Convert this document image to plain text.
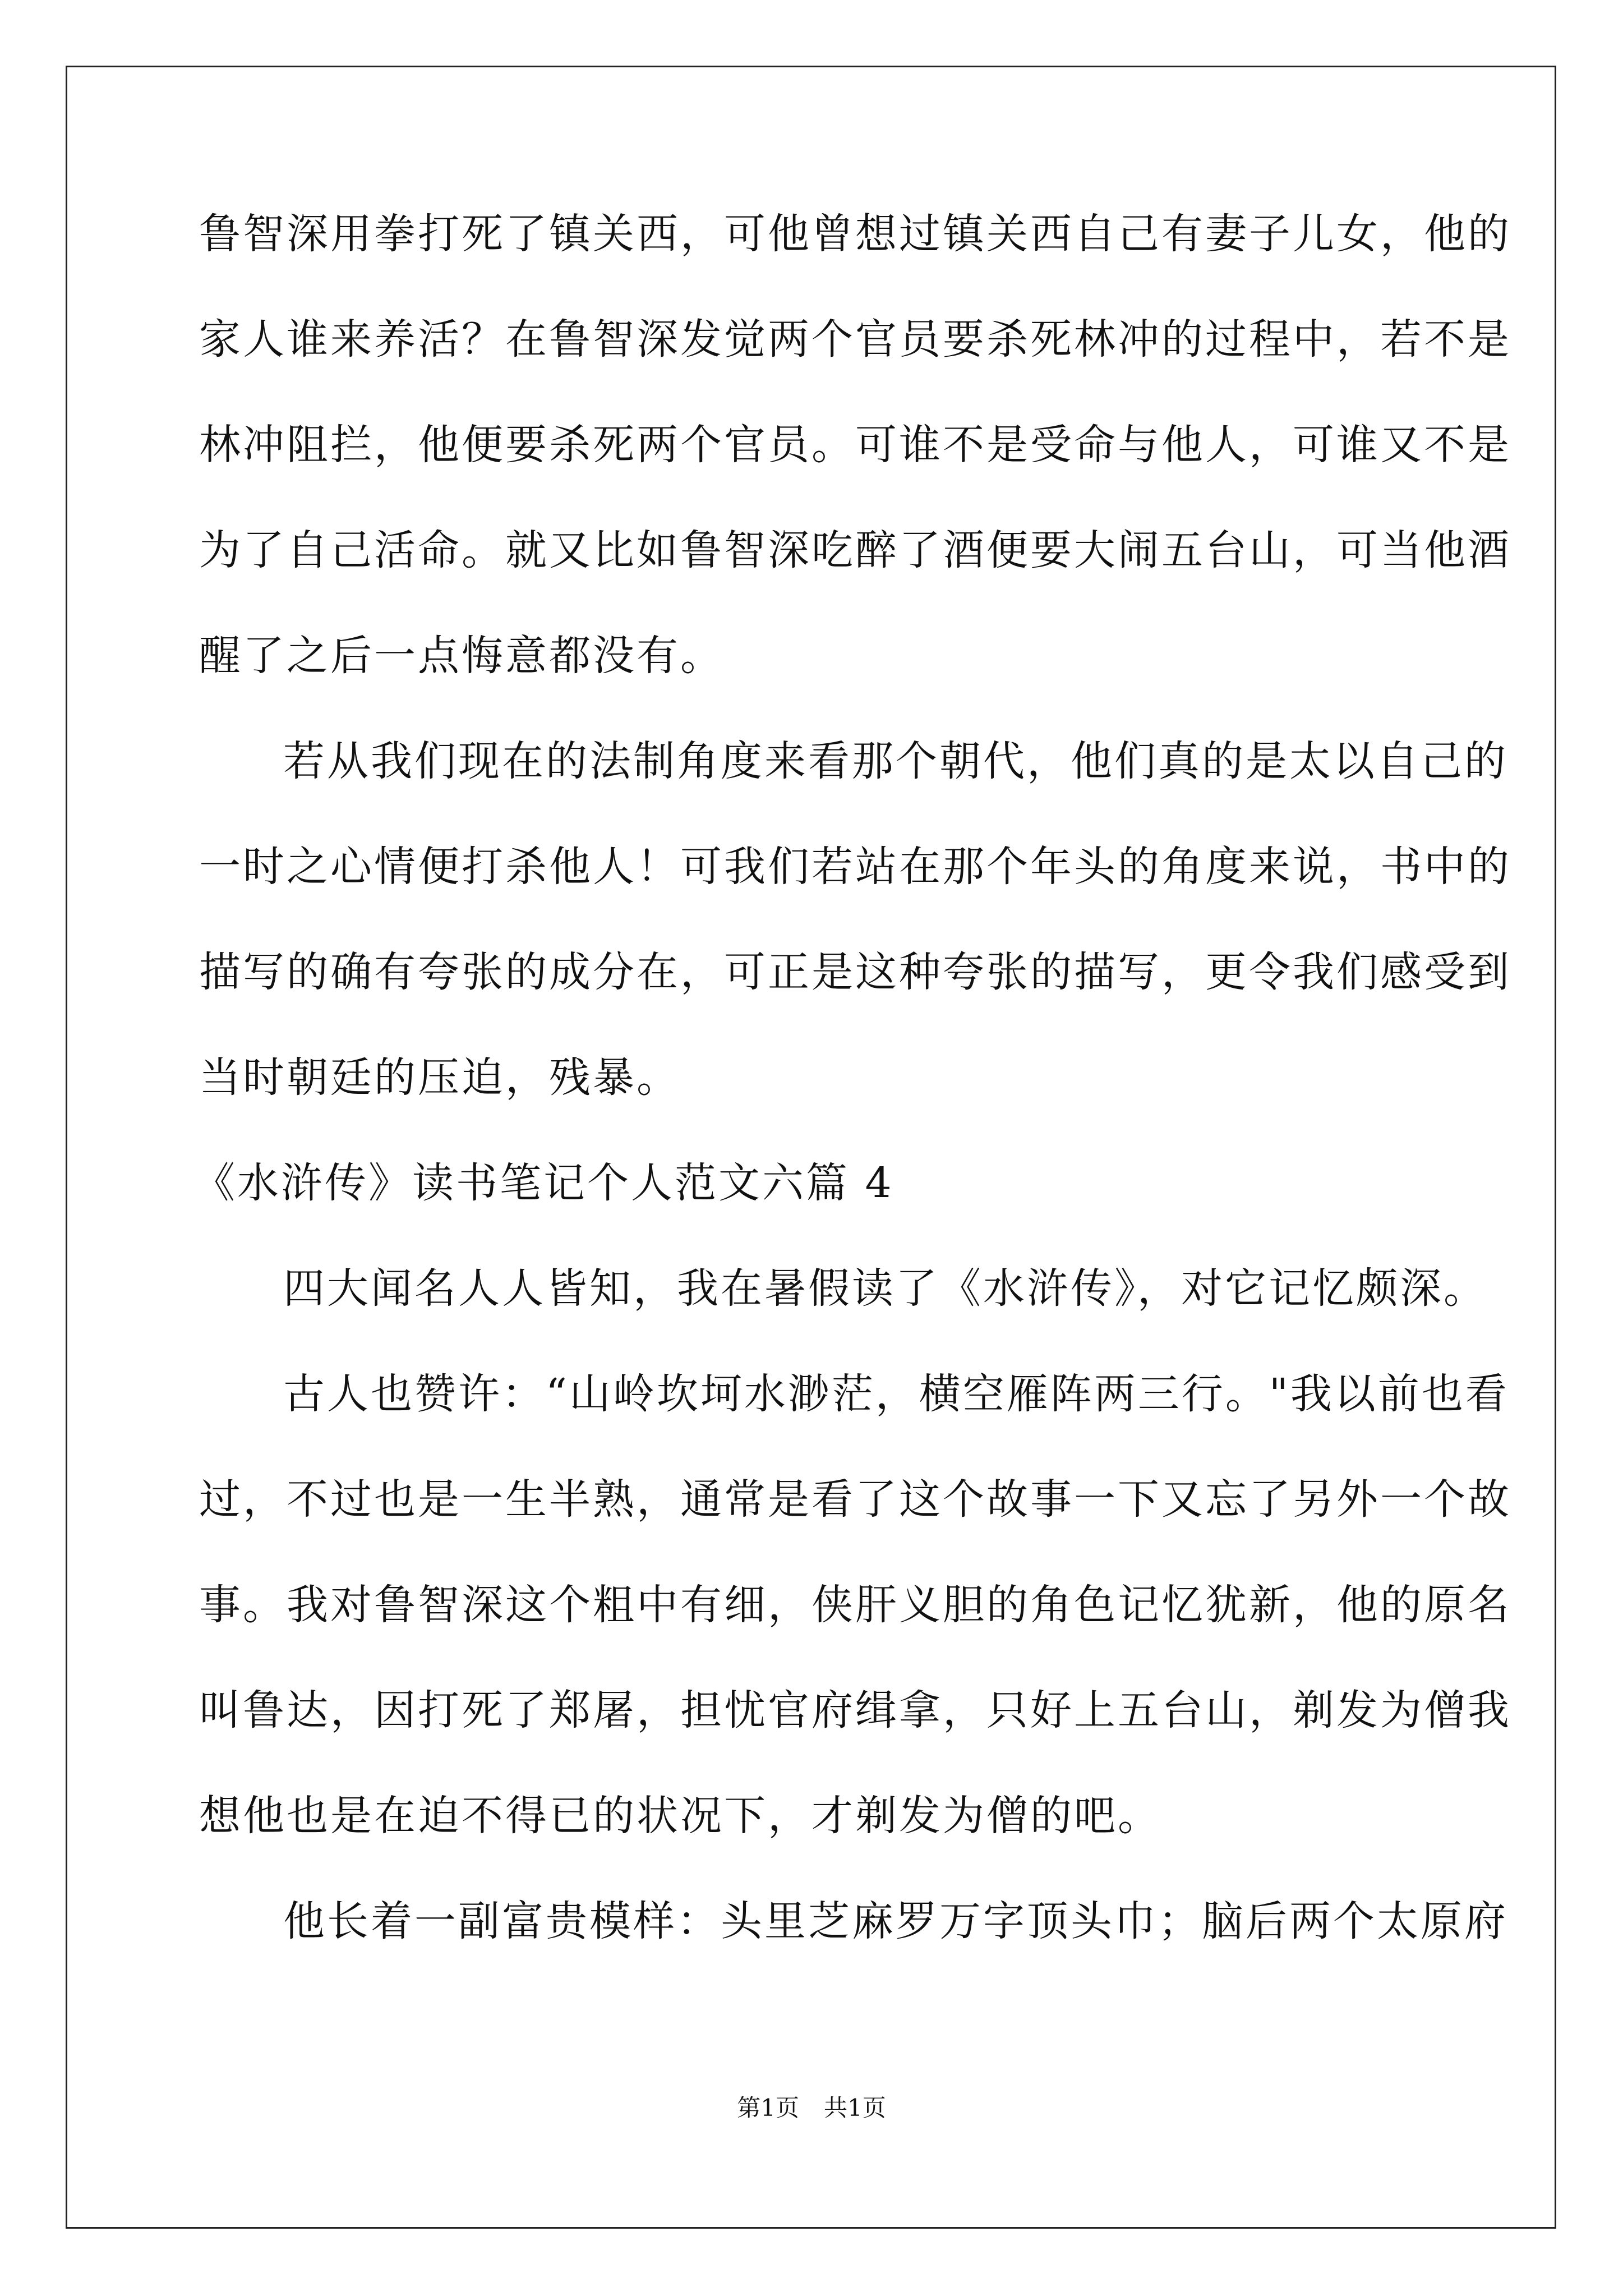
鲁智深用拳打死了镇关西，可他曾想过镇关西自己有妻子儿女，他的
家人谁来养活？在鲁智深发觉两个官员要杀死林冲的过程中，若不是
林冲阻拦，他便要杀死两个官员。可谁不是受命与他人，可谁又不是
为了自己活命。就又比如鲁智深吃醉了酒便要大闹五台山，可当他酒
醒了之后一点悔意都没有。
若从我们现在的法制角度来看那个朝代，他们真的是太以自己的
一时之心情便打杀他人！可我们若站在那个年头的角度来说，书中的
描写的确有夸张的成分在，可正是这种夸张的描写，更令我们感受到
当时朝廷的压迫，残暴。
《水浒传》读书笔记个人范文六篇 4
四大闻名人人皆知，我在暑假读了《水浒传》，对它记忆颇深。
古人也赞许：“山岭坎坷水渺茫，横空雁阵两三行。"我以前也看
过，不过也是一生半熟，通常是看了这个故事一下又忘了另外一个故
事。我对鲁智深这个粗中有细，侠肝义胆的角色记忆犹新，他的原名
叫鲁达，因打死了郑屠，担忧官府缉拿，只好上五台山，剃发为僧我
想他也是在迫不得已的状况下，才剃发为僧的吧。
他长着一副富贵模样：头里芝麻罗万字顶头巾；脑后两个太原府
第1页 共1页
